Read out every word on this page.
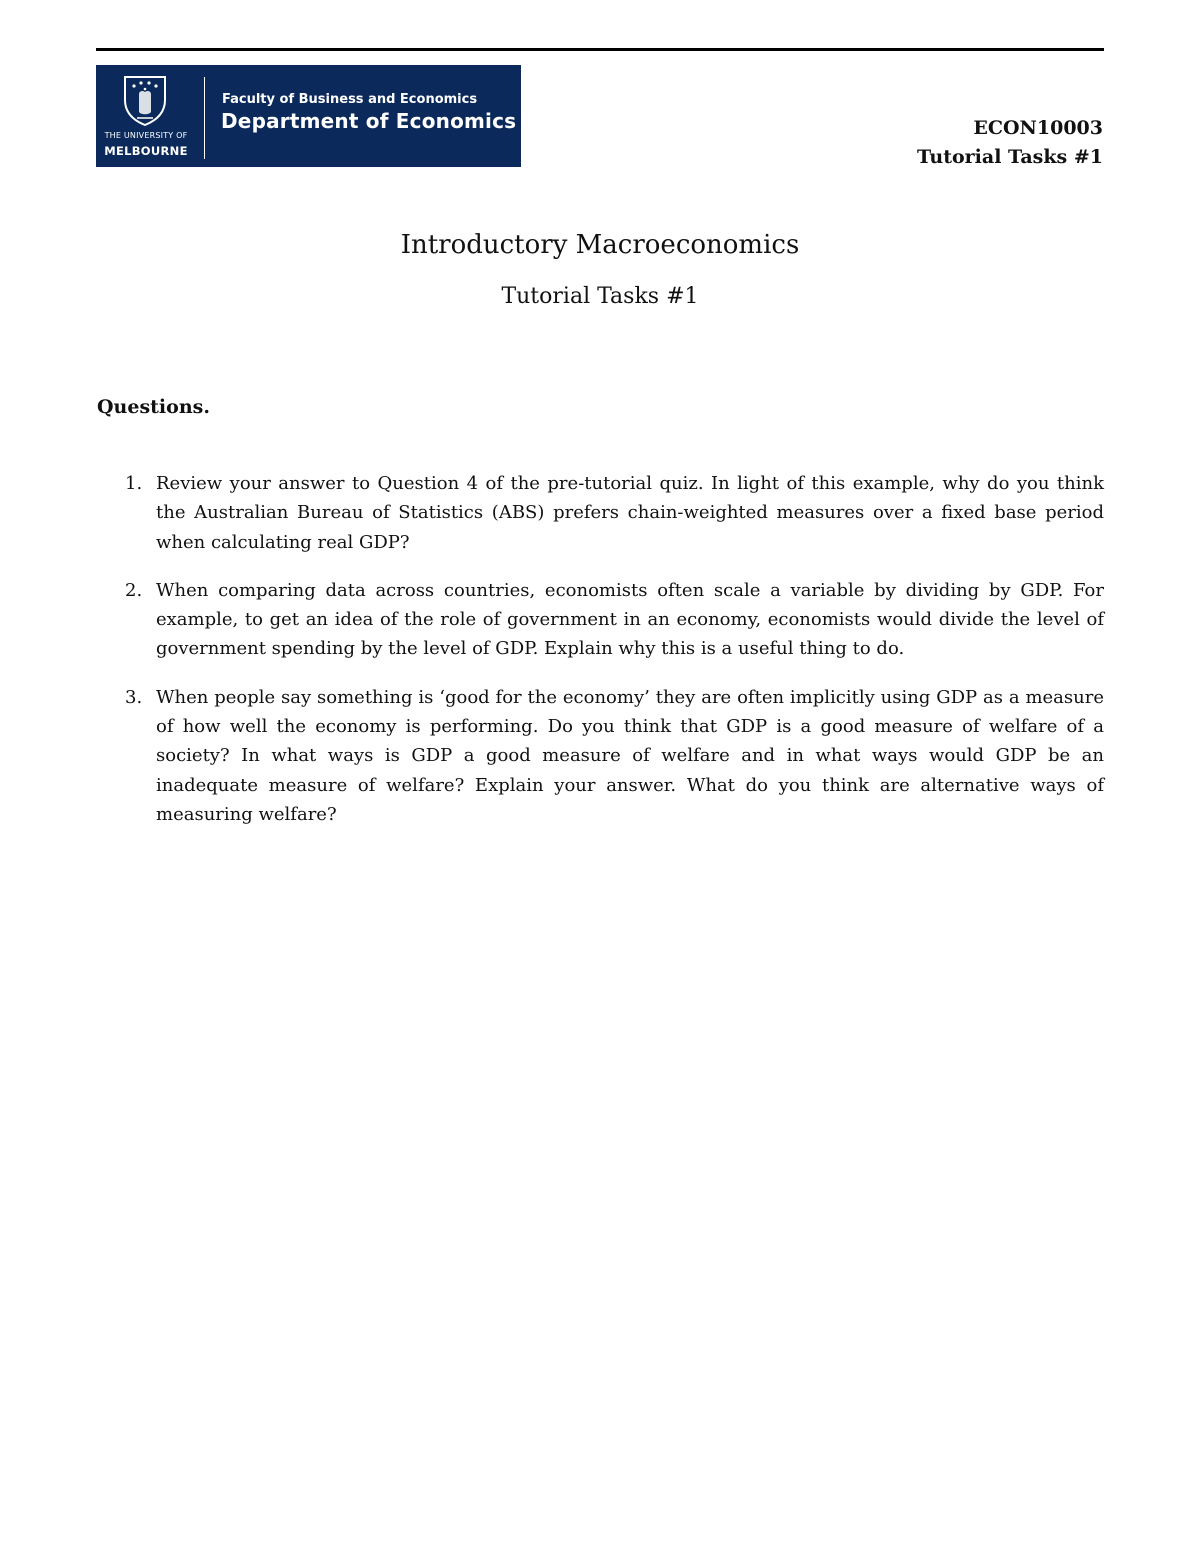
THE UNIVERSITY OF
MELBOURNE
Faculty of Business and Economics
Department of Economics	ECON10003
Tutorial Tasks #1
Introductory Macroeconomics
Tutorial Tasks #1
Questions.
1. Review your answer to Question 4 of the pre-tutorial quiz. In light of this example, why do you think the Australian Bureau of Statistics (ABS) prefers chain-weighted measures over a fixed base period when calculating real GDP?
2. When comparing data across countries, economists often scale a variable by dividing by GDP. For example, to get an idea of the role of government in an economy, economists would divide the level of government spending by the level of GDP. Explain why this is a useful thing to do.
3. When people say something is ‘good for the economy’ they are often implicitly using GDP as a measure of how well the economy is performing. Do you think that GDP is a good measure of welfare of a society? In what ways is GDP a good measure of welfare and in what ways would GDP be an inadequate measure of welfare? Explain your answer. What do you think are alternative ways of measuring welfare?
